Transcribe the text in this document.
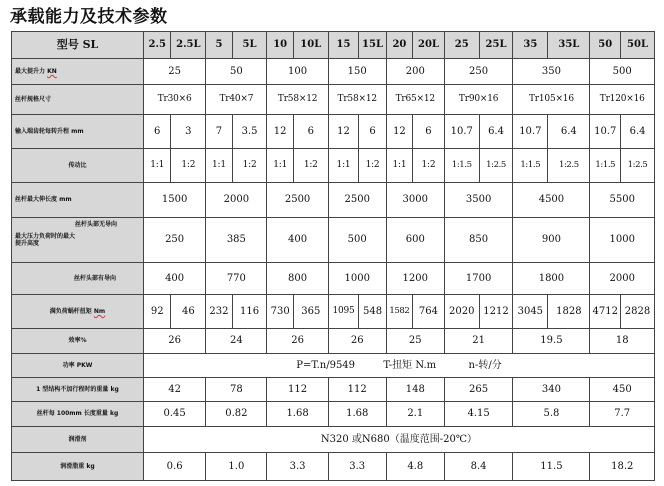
承载能力及技术参数
型号 SL	2.5	2.5L	5	5L	10	10L	15	15L	20	20L	25	25L	35	35L	50	50L
最大提升力 KN	25		50		100		150		200		250		350		500	
丝杆规格尺寸	Tr30×6		Tr40×7		Tr58×12		Tr58×12		Tr65×12		Tr90×16		Tr105×16		Tr120×16	
输入端齿轮每转升程 mm	6	3	7	3.5	12	6	12	6	12	6	10.7	6.4	10.7	6.4	10.7	6.4
传动比	1:1	1:2	1:1	1:2	1:1	1:2	1:1	1:2	1:1	1:2	1:1.5	1:2.5	1:1.5	1:2.5	1:1.5	1:2.5
丝杆最大伸长度 mm	1500		2000		2500		2500		3000		3500		4500		5500	

最大压力负荷时的最大提升高度
丝杆头部无导向	250		385		400		500		600		850		900		1000	
丝杆头部有导向	400		770		800		1000		1200		1700		1800		2000	
满负荷蜗杆扭矩 Nm	92	46	232	116	730	365	1095	548	1582	764	2020	1212	3045	1828	4712	2828
效率%	26		24		26		26		25		21		19.5		18	
功率 PKW	P=T.n/9549 T-扭矩 N.m n-转/分															
1 型结构不加行程时的重量 kg	42		78		112		112		148		265		340		450	
丝杆每 100mm 长度重量 kg	0.45		0.82		1.68		1.68		2.1		4.15		5.8		7.7	
润滑剂	N320 或N680（温度范围-20℃）															
润滑脂重 kg	0.6		1.0		3.3		3.3		4.8		8.4		11.5		18.2	
